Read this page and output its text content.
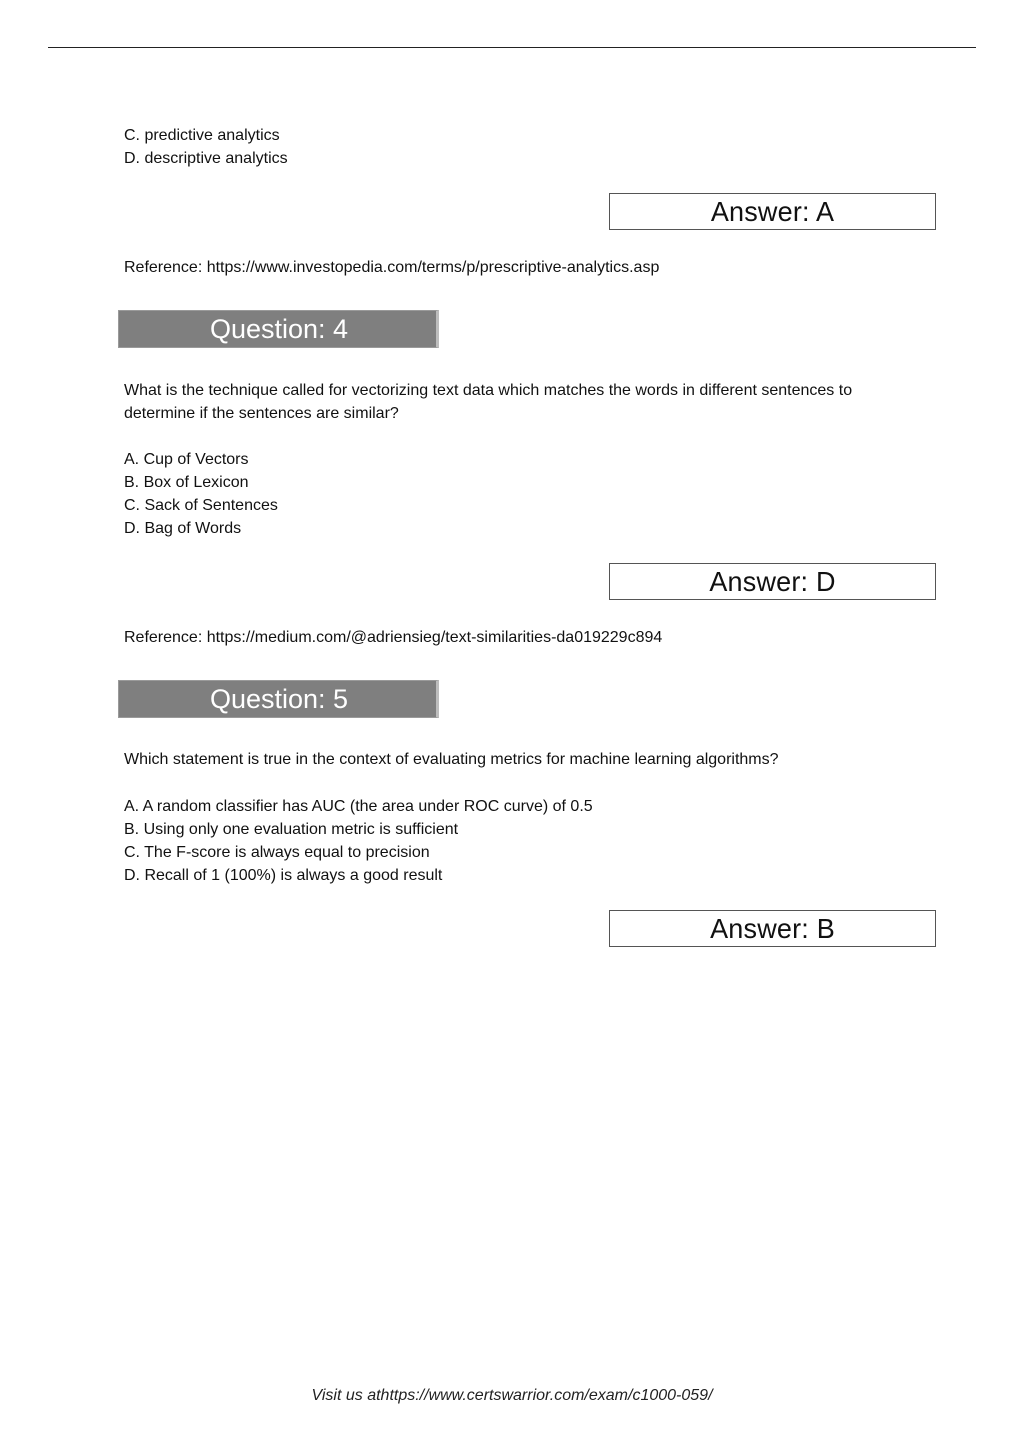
C. predictive analytics
D. descriptive analytics
Answer: A
Reference: https://www.investopedia.com/terms/p/prescriptive-analytics.asp
Question: 4
What is the technique called for vectorizing text data which matches the words in different sentences to
determine if the sentences are similar?
A. Cup of Vectors
B. Box of Lexicon
C. Sack of Sentences
D. Bag of Words
Answer: D
Reference: https://medium.com/@adriensieg/text-similarities-da019229c894
Question: 5
Which statement is true in the context of evaluating metrics for machine learning algorithms?
A. A random classifier has AUC (the area under ROC curve) of 0.5
B. Using only one evaluation metric is sufficient
C. The F-score is always equal to precision
D. Recall of 1 (100%) is always a good result
Answer: B
Visit us athttps://www.certswarrior.com/exam/c1000-059/
